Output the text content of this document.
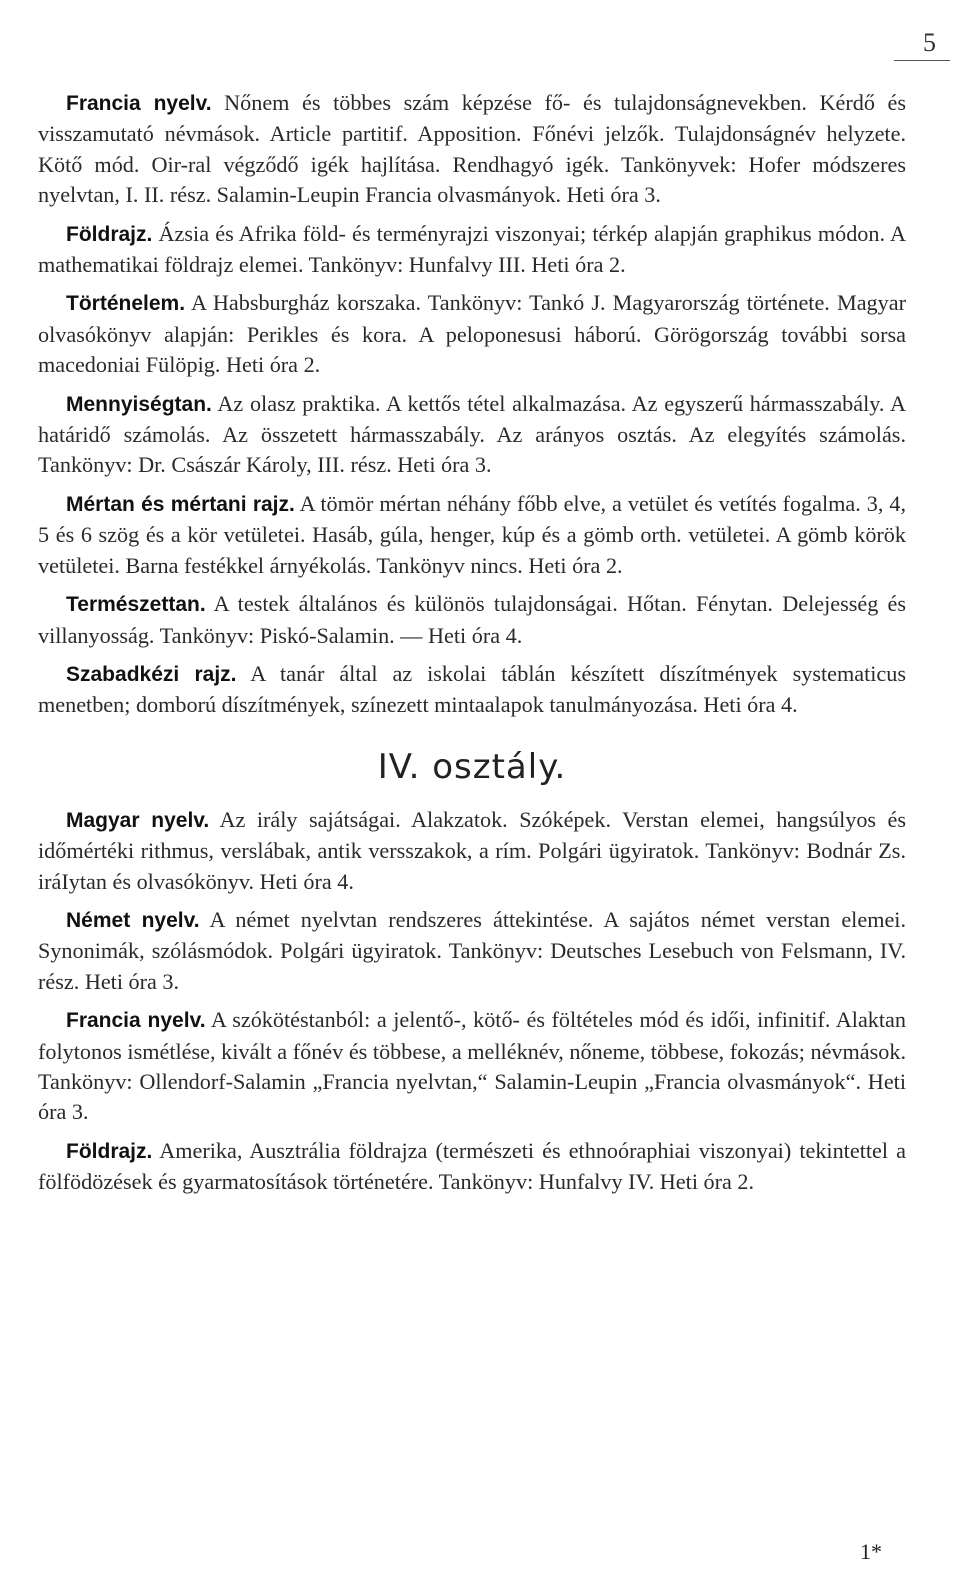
5

Francia nyelv. Nőnem és többes szám képzése fő- és tulajdonságnevekben. Kérdő és visszamutató névmások. Article partitif. Apposition. Főnévi jelzők. Tulajdonságnév helyzete. Kötő mód. Oir-ral végződő igék hajlítása. Rendhagyó igék. Tankönyvek: Hofer módszeres nyelvtan, I. II. rész. Salamin-Leupin Francia olvasmányok. Heti óra 3.

Földrajz. Ázsia és Afrika föld- és terményrajzi viszonyai; térkép alapján graphikus módon. A mathematikai földrajz elemei. Tankönyv: Hunfalvy III. Heti óra 2.

Történelem. A Habsburgház korszaka. Tankönyv: Tankó J. Magyarország története. Magyar olvasókönyv alapján: Perikles és kora. A peloponesusi háború. Görögország további sorsa macedoniai Fülöpig. Heti óra 2.

Mennyiségtan. Az olasz praktika. A kettős tétel alkalmazása. Az egyszerű hármasszabály. A határidő számolás. Az összetett hármasszabály. Az arányos osztás. Az elegyítés számolás. Tankönyv: Dr. Császár Károly, III. rész. Heti óra 3.

Mértan és mértani rajz. A tömör mértan néhány főbb elve, a vetület és vetítés fogalma. 3, 4, 5 és 6 szög és a kör vetületei. Hasáb, gúla, henger, kúp és a gömb orth. vetületei. A gömb körök vetületei. Barna festékkel árnyékolás. Tankönyv nincs. Heti óra 2.

Természettan. A testek általános és különös tulajdonságai. Hőtan. Fénytan. Delejesség és villanyosság. Tankönyv: Piskó-Salamin. — Heti óra 4.

Szabadkézi rajz. A tanár által az iskolai táblán készített díszítmények systematicus menetben; domború díszítmények, színezett mintaalapok tanulmányozása. Heti óra 4.

IV. osztály.

Magyar nyelv. Az irály sajátságai. Alakzatok. Szóképek. Verstan elemei, hangsúlyos és időmértéki rithmus, verslábak, antik versszakok, a rím. Polgári ügyiratok. Tankönyv: Bodnár Zs. iráIytan és olvasókönyv. Heti óra 4.

Német nyelv. A német nyelvtan rendszeres áttekintése. A sajátos német verstan elemei. Synonimák, szólásmódok. Polgári ügyiratok. Tankönyv: Deutsches Lesebuch von Felsmann, IV. rész. Heti óra 3.

Francia nyelv. A szókötéstanból: a jelentő-, kötő- és föltételes mód és idői, infinitif. Alaktan folytonos ismétlése, kivált a főnév és többese, a melléknév, nőneme, többese, fokozás; névmások. Tankönyv: Ollendorf-Salamin „Francia nyelvtan,“ Salamin-Leupin „Francia olvasmányok“. Heti óra 3.

Földrajz. Amerika, Ausztrália földrajza (természeti és ethnoóraphiai viszonyai) tekintettel a fölfödözések és gyarmatosítások történetére. Tankönyv: Hunfalvy IV. Heti óra 2.

1*
